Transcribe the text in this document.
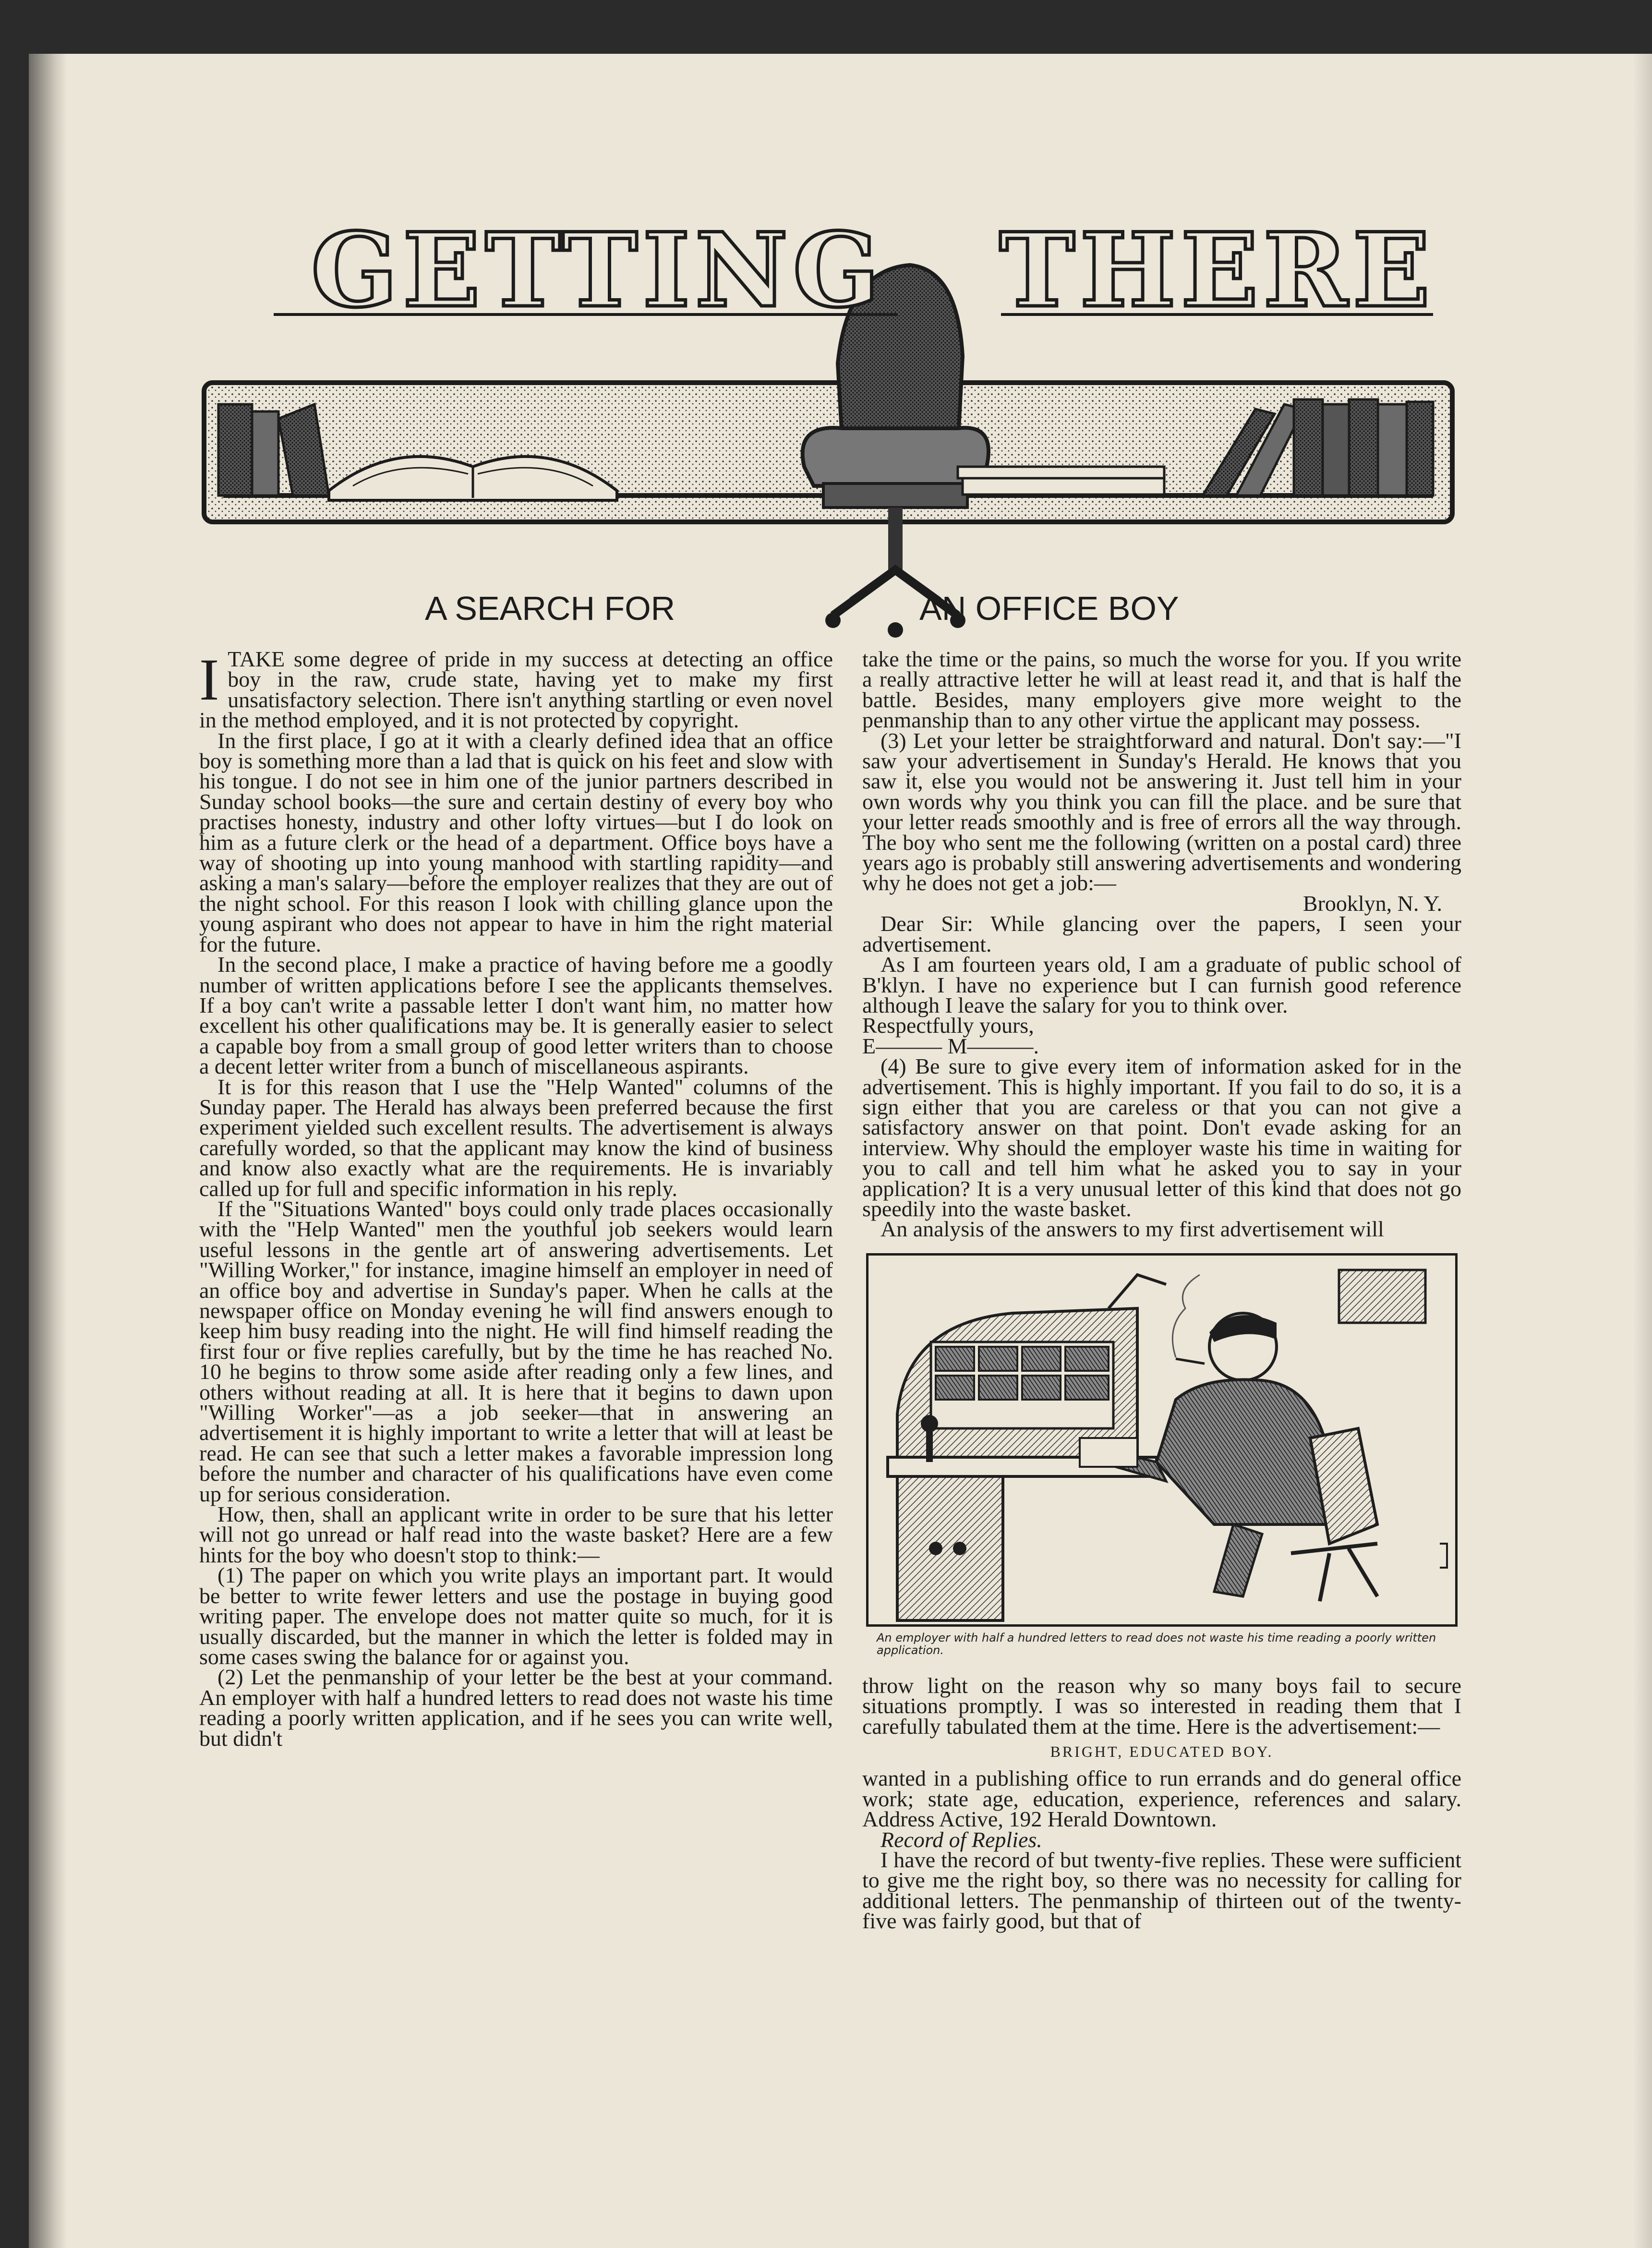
GETTING	THERE
A SEARCH FOR	AN OFFICE BOY

ITAKE some degree of pride in my success at detecting an office boy in the raw, crude state, having yet to make my first unsatisfactory selection. There isn't anything startling or even novel in the method employed, and it is not protected by copyright.

In the first place, I go at it with a clearly defined idea that an office boy is something more than a lad that is quick on his feet and slow with his tongue. I do not see in him one of the junior partners described in Sunday school books—the sure and certain destiny of every boy who practises honesty, industry and other lofty virtues—but I do look on him as a future clerk or the head of a department. Office boys have a way of shooting up into young manhood with startling rapidity—and asking a man's salary—before the employer realizes that they are out of the night school. For this reason I look with chilling glance upon the young aspirant who does not appear to have in him the right material for the future.

In the second place, I make a practice of having before me a goodly number of written applications before I see the applicants themselves. If a boy can't write a passable letter I don't want him, no matter how excellent his other qualifications may be. It is generally easier to select a capable boy from a small group of good letter writers than to choose a decent letter writer from a bunch of miscellaneous aspirants.

It is for this reason that I use the "Help Wanted" columns of the Sunday paper. The Herald has always been preferred because the first experiment yielded such excellent results. The advertisement is always carefully worded, so that the applicant may know the kind of business and know also exactly what are the requirements. He is invariably called up for full and specific information in his reply.

If the "Situations Wanted" boys could only trade places occasionally with the "Help Wanted" men the youthful job seekers would learn useful lessons in the gentle art of answering advertisements. Let "Willing Worker," for instance, imagine himself an employer in need of an office boy and advertise in Sunday's paper. When he calls at the newspaper office on Monday evening he will find answers enough to keep him busy reading into the night. He will find himself reading the first four or five replies carefully, but by the time he has reached No. 10 he begins to throw some aside after reading only a few lines, and others without reading at all. It is here that it begins to dawn upon "Willing Worker"—as a job seeker—that in answering an advertisement it is highly important to write a letter that will at least be read. He can see that such a letter makes a favorable impression long before the number and character of his qualifications have even come up for serious consideration.

How, then, shall an applicant write in order to be sure that his letter will not go unread or half read into the waste basket? Here are a few hints for the boy who doesn't stop to think:—

(1) The paper on which you write plays an important part. It would be better to write fewer letters and use the postage in buying good writing paper. The envelope does not matter quite so much, for it is usually discarded, but the manner in which the letter is folded may in some cases swing the balance for or against you.

(2) Let the penmanship of your letter be the best at your command. An employer with half a hundred letters to read does not waste his time reading a poorly written application, and if he sees you can write well, but didn't

take the time or the pains, so much the worse for you. If you write a really attractive letter he will at least read it, and that is half the battle. Besides, many employers give more weight to the penmanship than to any other virtue the applicant may possess.

(3) Let your letter be straightforward and natural. Don't say:—"I saw your advertisement in Sunday's Herald. He knows that you saw it, else you would not be answering it. Just tell him in your own words why you think you can fill the place. and be sure that your letter reads smoothly and is free of errors all the way through. The boy who sent me the following (written on a postal card) three years ago is probably still answering advertisements and wondering why he does not get a job:—

Brooklyn, N. Y.

Dear Sir: While glancing over the papers, I seen your advertisement.

As I am fourteen years old, I am a graduate of public school of B'klyn. I have no experience but I can furnish good reference although I leave the salary for you to think over.

Respectfully yours,

E——— M———.

(4) Be sure to give every item of information asked for in the advertisement. This is highly important. If you fail to do so, it is a sign either that you are careless or that you can not give a satisfactory answer on that point. Don't evade asking for an interview. Why should the employer waste his time in waiting for you to call and tell him what he asked you to say in your application? It is a very unusual letter of this kind that does not go speedily into the waste basket.

An analysis of the answers to my first advertisement will

An employer with half a hundred letters to read does not waste his time reading a poorly written application.

throw light on the reason why so many boys fail to secure situations promptly. I was so interested in reading them that I carefully tabulated them at the time. Here is the advertisement:—

BRIGHT, EDUCATED BOY.

wanted in a publishing office to run errands and do general office work; state age, education, experience, references and salary. Address Active, 192 Herald Downtown.

Record of Replies.

I have the record of but twenty-five replies. These were sufficient to give me the right boy, so there was no necessity for calling for additional letters. The penmanship of thirteen out of the twenty-five was fairly good, but that of
